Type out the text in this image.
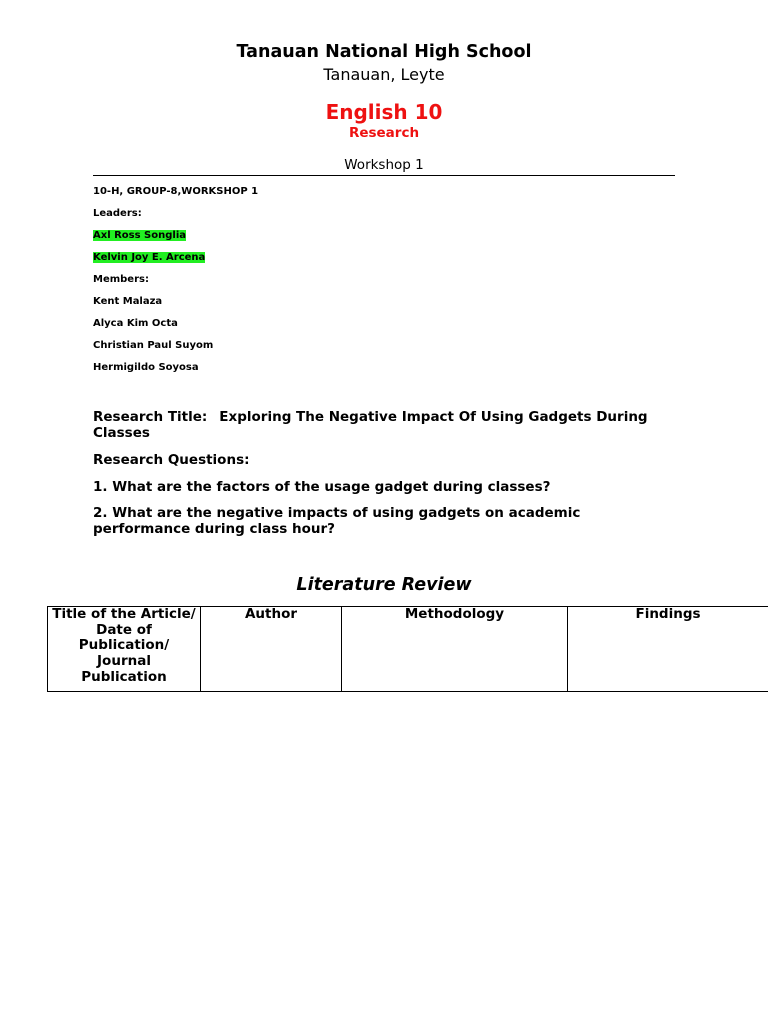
Tanauan National High School
Tanauan, Leyte
English 10
Research
Workshop 1
10-H, GROUP-8,WORKSHOP 1
Leaders:
Axl Ross Songlia
Kelvin Joy E. Arcena
Members:
Kent Malaza
Alyca Kim Octa
Christian Paul Suyom
Hermigildo Soyosa
Research Title: Exploring The Negative Impact Of Using Gadgets During Classes
Research Questions:
1. What are the factors of the usage gadget during classes?
2. What are the negative impacts of using gadgets on academic performance during class hour?
Literature Review
Title of the Article/ Date of Publication/ Journal Publication	Author	Methodology	Findings
